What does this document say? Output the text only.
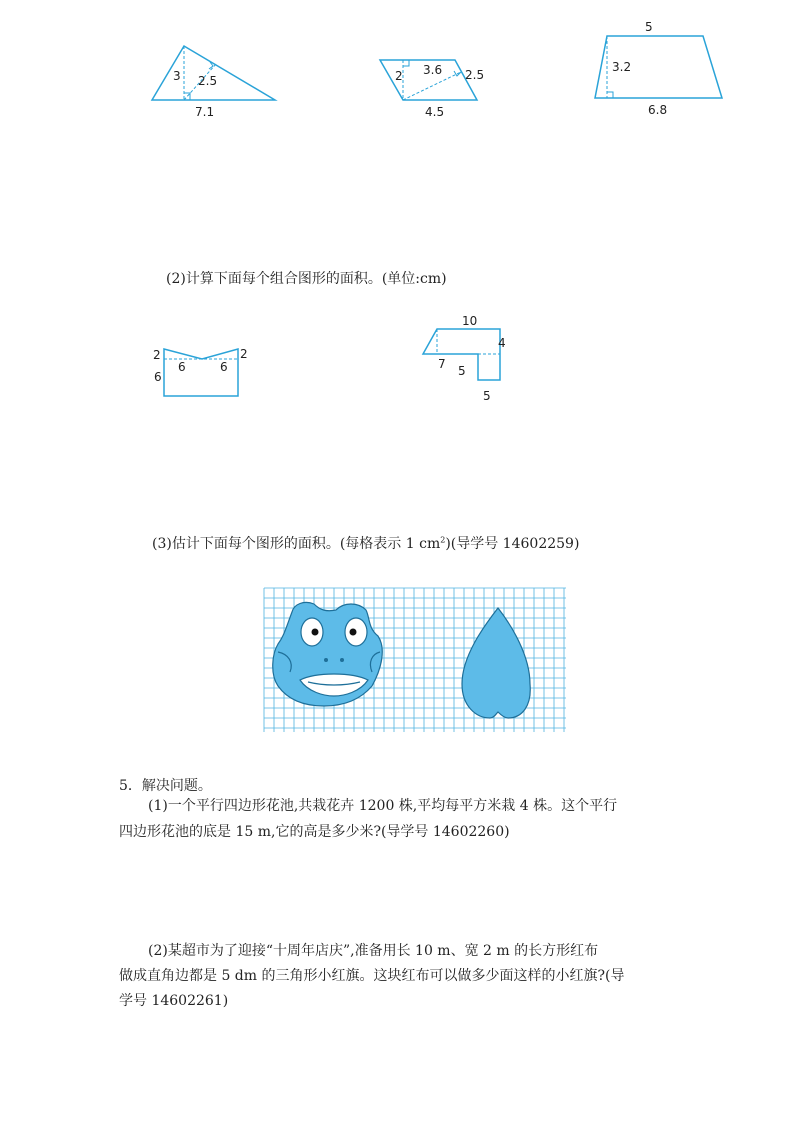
3 2.5
7.1
2 3.6 2.5
4.5
5
3.2
6.8
(2)计算下面每个组合图形的面积。(单位:cm)
2
6
6	6
2
10
4
7 5
5
(3)估计下面每个图形的面积。(每格表示 1 $cm^2$)(导学号 14602259)
5．解决问题。
(1)一个平行四边形花池,共栽花卉 1200 株,平均每平方米栽 4 株。这个平行
四边形花池的底是 15 m,它的高是多少米?(导学号 14602260)
(2)某超市为了迎接“十周年店庆”,准备用长 10 m、宽 2 m 的长方形红布
做成直角边都是 5 dm 的三角形小红旗。这块红布可以做多少面这样的小红旗?(导
学号 14602261)
